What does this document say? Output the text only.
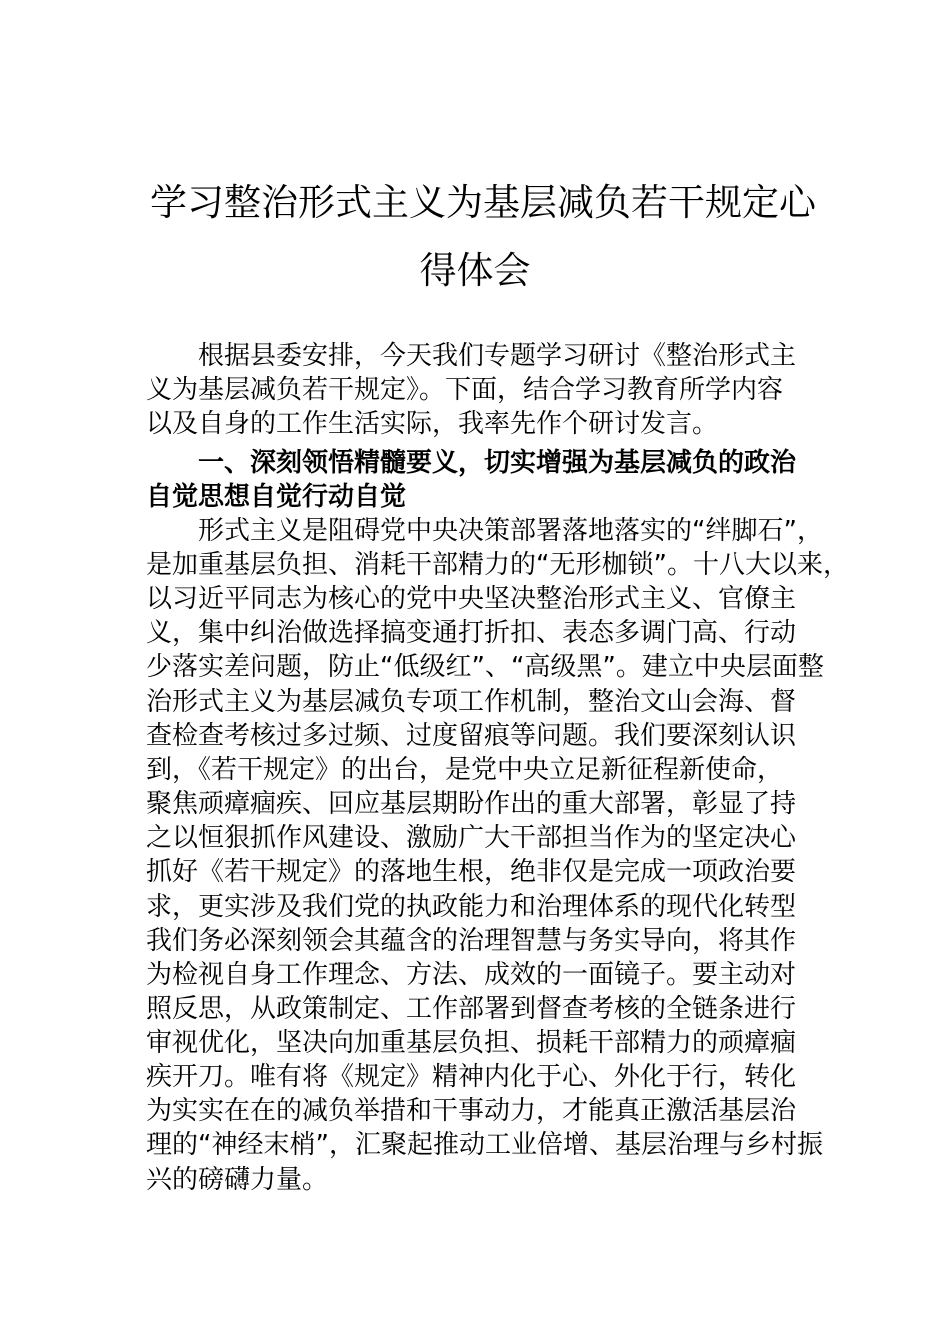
学习整治形式主义为基层减负若干规定心
得体会

　　根据县委安排，今天我们专题学习研讨《整治形式主

义为基层减负若干规定》。下面，结合学习教育所学内容

以及自身的工作生活实际，我率先作个研讨发言。

　　一、深刻领悟精髓要义，切实增强为基层减负的政治

自觉思想自觉行动自觉

　　形式主义是阻碍党中央决策部署落地落实的“绊脚石”，

是加重基层负担、消耗干部精力的“无形枷锁”。十八大以来，

以习近平同志为核心的党中央坚决整治形式主义、官僚主

义，集中纠治做选择搞变通打折扣、表态多调门高、行动

少落实差问题，防止“低级红”、“高级黑”。建立中央层面整

治形式主义为基层减负专项工作机制，整治文山会海、督

查检查考核过多过频、过度留痕等问题。我们要深刻认识

到，《若干规定》的出台，是党中央立足新征程新使命，

聚焦顽瘴痼疾、回应基层期盼作出的重大部署，彰显了持

之以恒狠抓作风建设、激励广大干部担当作为的坚定决心

抓好《若干规定》的落地生根，绝非仅是完成一项政治要

求，更实涉及我们党的执政能力和治理体系的现代化转型

我们务必深刻领会其蕴含的治理智慧与务实导向，将其作

为检视自身工作理念、方法、成效的一面镜子。要主动对

照反思，从政策制定、工作部署到督查考核的全链条进行

审视优化，坚决向加重基层负担、损耗干部精力的顽瘴痼

疾开刀。唯有将《规定》精神内化于心、外化于行，转化

为实实在在的减负举措和干事动力，才能真正激活基层治

理的“神经末梢”，汇聚起推动工业倍增、基层治理与乡村振

兴的磅礴力量。
